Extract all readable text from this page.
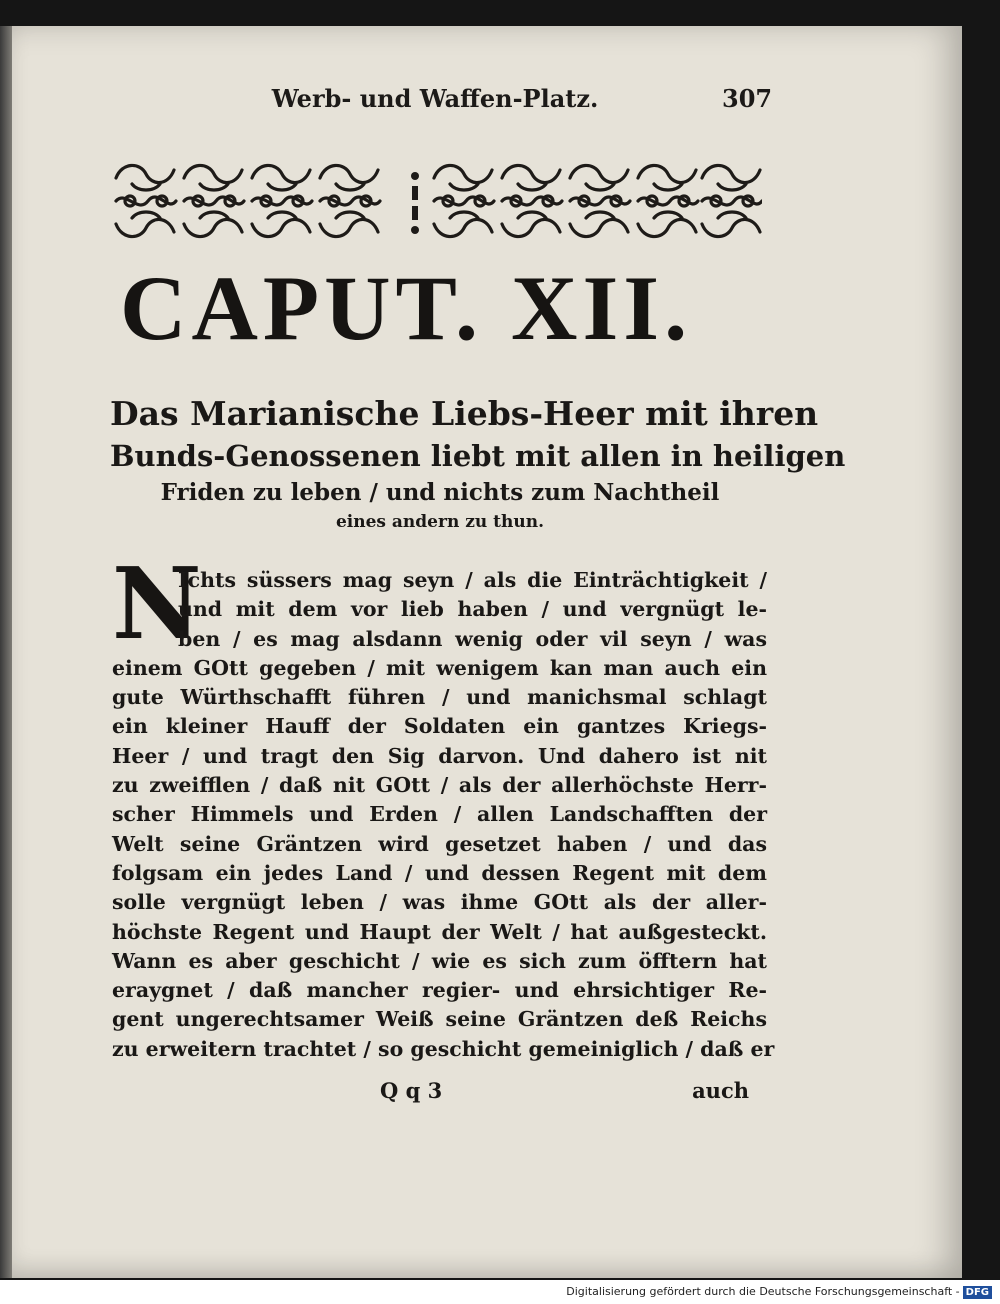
Werb- und Waffen-Platz.	307
CAPUT. XII.
Das Marianische Liebs-Heer mit ihren
Bunds-Genossenen liebt mit allen in heiligen
Friden zu leben / und nichts zum Nachtheil
eines andern zu thun.
N
Ichts süssers mag seyn / als die Einträchtigkeit /
und mit dem vor lieb haben / und vergnügt le-
ben / es mag alsdann wenig oder vil seyn / was
einem GOtt gegeben / mit wenigem kan man auch ein
gute Würthschafft führen / und manichsmal schlagt
ein kleiner Hauff der Soldaten ein gantzes Kriegs-
Heer / und tragt den Sig darvon. Und dahero ist nit
zu zweifflen / daß nit GOtt / als der allerhöchste Herr-
scher Himmels und Erden / allen Landschafften der
Welt seine Gräntzen wird gesetzet haben / und das
folgsam ein jedes Land / und dessen Regent mit dem
solle vergnügt leben / was ihme GOtt als der aller-
höchste Regent und Haupt der Welt / hat außgesteckt.
Wann es aber geschicht / wie es sich zum öfftern hat
eraygnet / daß mancher regier- und ehrsichtiger Re-
gent ungerechtsamer Weiß seine Gräntzen deß Reichs
zu erweitern trachtet / so geschicht gemeiniglich / daß er
Q q 3	auch
Digitalisierung gefördert durch die Deutsche Forschungsgemeinschaft - DFG
